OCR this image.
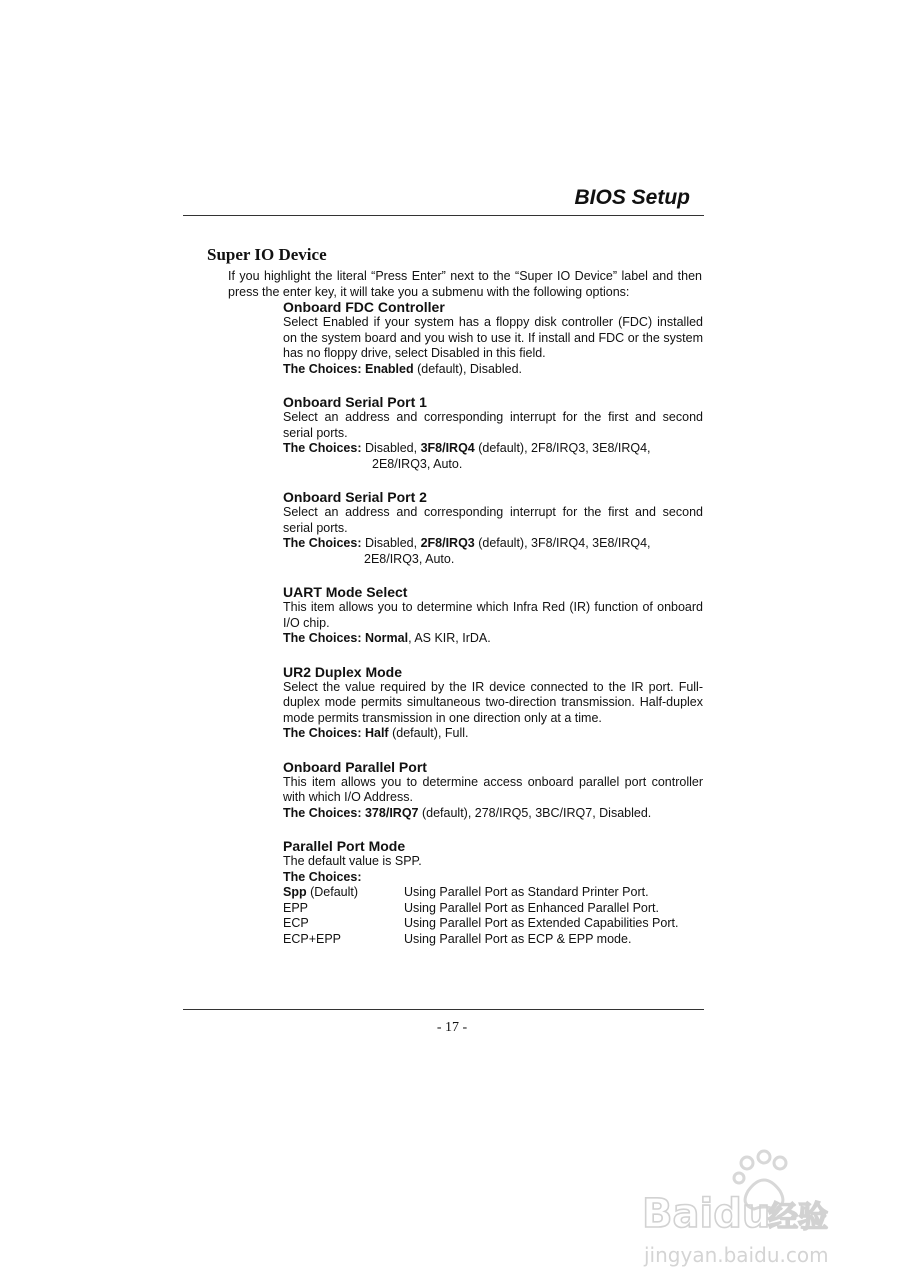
BIOS Setup
Super IO Device
If you highlight the literal “Press Enter” next to the “Super IO Device” label and then press the enter key, it will take you a submenu with the following options:
Onboard FDC Controller
Select Enabled if your system has a floppy disk controller (FDC) installed on the system board and you wish to use it. If install and FDC or the system has no floppy drive, select Disabled in this field.
The Choices: Enabled (default), Disabled.
Onboard Serial Port 1
Select an address and corresponding interrupt for the first and second serial ports.
The Choices: Disabled, 3F8/IRQ4 (default), 2F8/IRQ3, 3E8/IRQ4,
2E8/IRQ3, Auto.
Onboard Serial Port 2
Select an address and corresponding interrupt for the first and second serial ports.
The Choices: Disabled, 2F8/IRQ3 (default), 3F8/IRQ4, 3E8/IRQ4,
2E8/IRQ3, Auto.
UART Mode Select
This item allows you to determine which Infra Red (IR) function of onboard I/O chip.
The Choices: Normal, AS KIR, IrDA.
UR2 Duplex Mode
Select the value required by the IR device connected to the IR port. Full-duplex mode permits simultaneous two-direction transmission. Half-duplex mode permits transmission in one direction only at a time.
The Choices: Half (default), Full.
Onboard Parallel Port
This item allows you to determine access onboard parallel port controller with which I/O Address.
The Choices: 378/IRQ7 (default), 278/IRQ5, 3BC/IRQ7, Disabled.
Parallel Port Mode
The default value is SPP.
The Choices:
Spp (Default)	Using Parallel Port as Standard Printer Port.
EPP	Using Parallel Port as Enhanced Parallel Port.
ECP	Using Parallel Port as Extended Capabilities Port.
ECP+EPP	Using Parallel Port as ECP & EPP mode.
- 17 -
Baidu
经验
jingyan.baidu.com
